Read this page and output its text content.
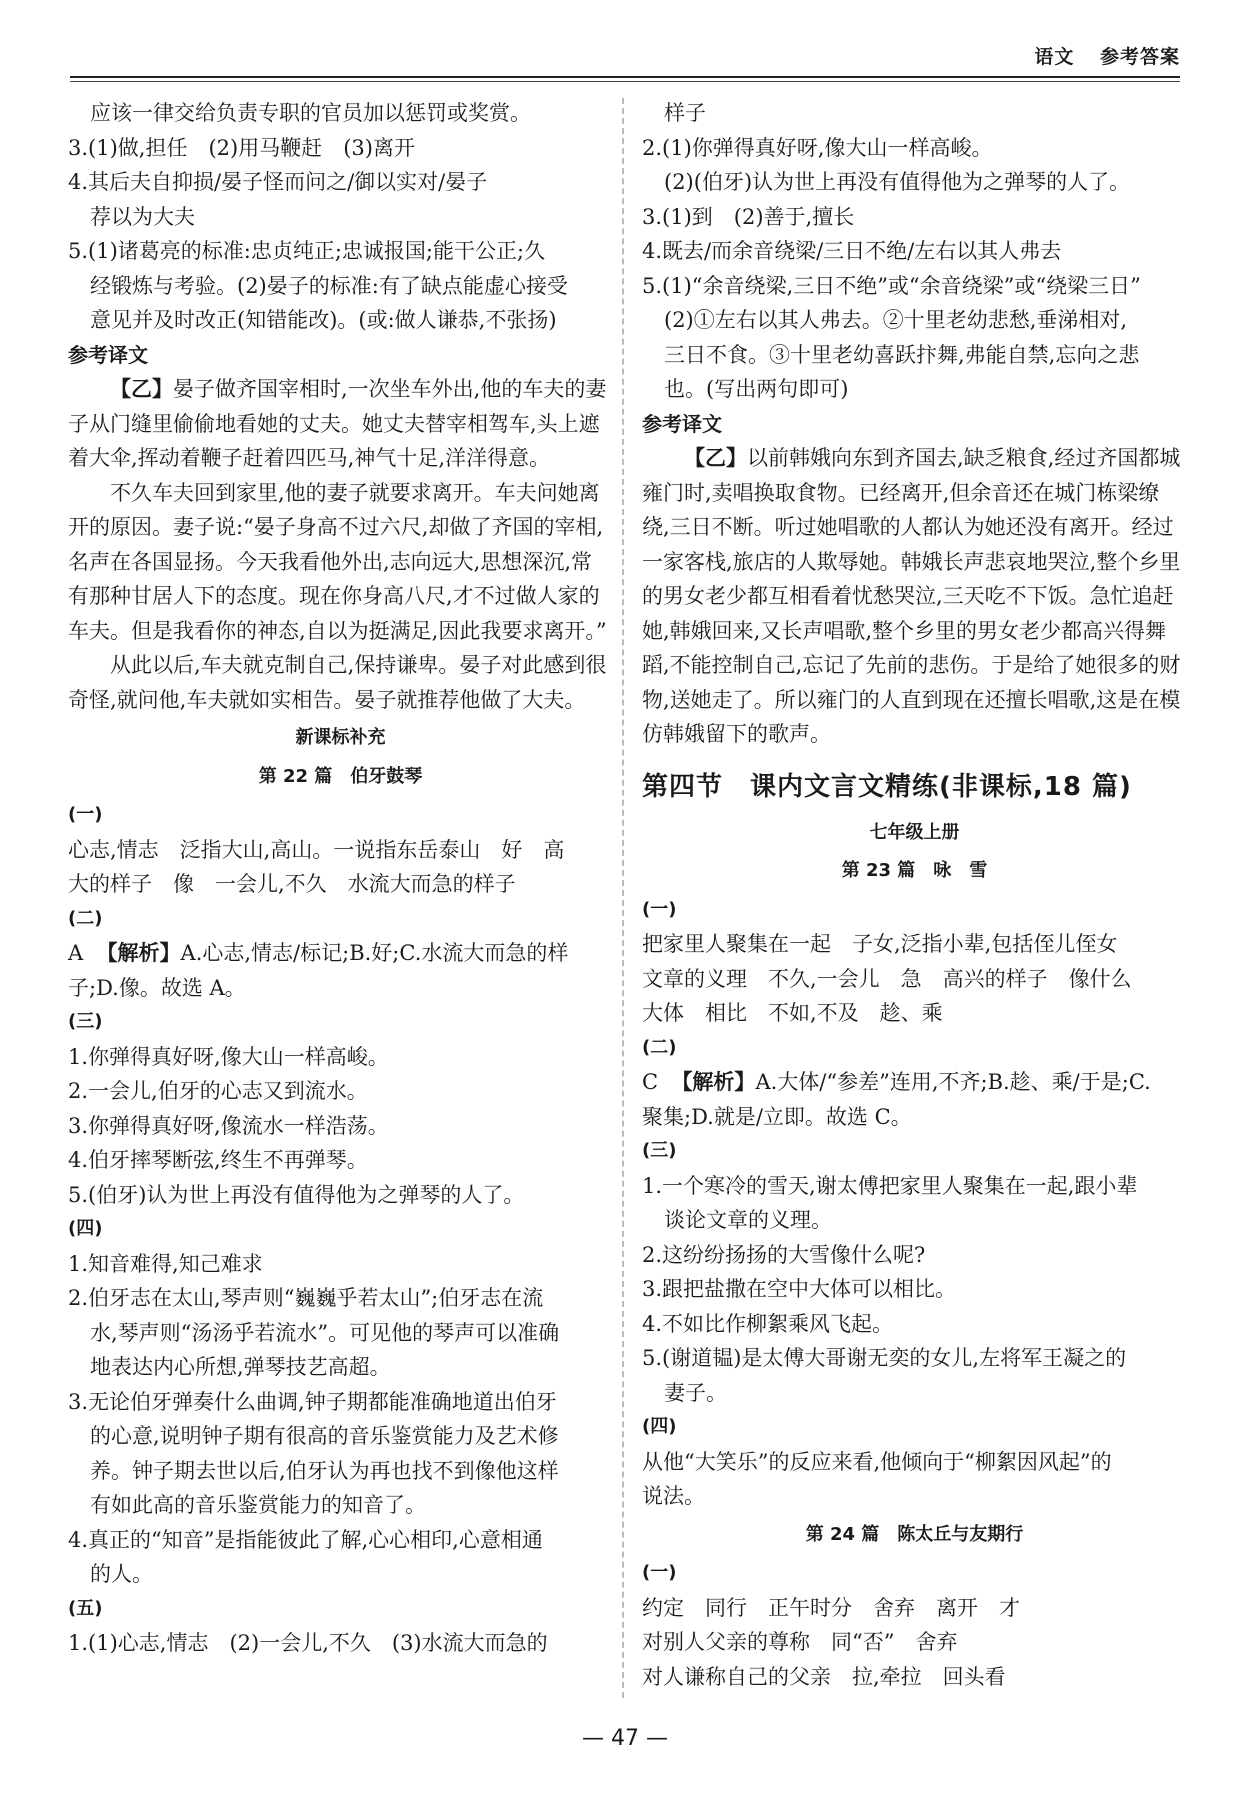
语文 参考答案

应该一律交给负责专职的官员加以惩罚或奖赏。

3.(1)做,担任　(2)用马鞭赶　(3)离开

4.其后夫自抑损/晏子怪而问之/御以实对/晏子

荐以为大夫

5.(1)诸葛亮的标准:忠贞纯正;忠诚报国;能干公正;久

经锻炼与考验。(2)晏子的标准:有了缺点能虚心接受

意见并及时改正(知错能改)。(或:做人谦恭,不张扬)

参考译文

【乙】晏子做齐国宰相时,一次坐车外出,他的车夫的妻子从门缝里偷偷地看她的丈夫。她丈夫替宰相驾车,头上遮着大伞,挥动着鞭子赶着四匹马,神气十足,洋洋得意。

不久车夫回到家里,他的妻子就要求离开。车夫问她离开的原因。妻子说:“晏子身高不过六尺,却做了齐国的宰相,名声在各国显扬。今天我看他外出,志向远大,思想深沉,常有那种甘居人下的态度。现在你身高八尺,才不过做人家的车夫。但是我看你的神态,自以为挺满足,因此我要求离开。”

从此以后,车夫就克制自己,保持谦卑。晏子对此感到很奇怪,就问他,车夫就如实相告。晏子就推荐他做了大夫。

新课标补充

第 22 篇　伯牙鼓琴

(一)

心志,情志　泛指大山,高山。一说指东岳泰山　好　高

大的样子　像　一会儿,不久　水流大而急的样子

(二)

A 【解析】A.心志,情志/标记;B.好;C.水流大而急的样

子;D.像。故选 A。

(三)

1.你弹得真好呀,像大山一样高峻。

2.一会儿,伯牙的心志又到流水。

3.你弹得真好呀,像流水一样浩荡。

4.伯牙摔琴断弦,终生不再弹琴。

5.(伯牙)认为世上再没有值得他为之弹琴的人了。

(四)

1.知音难得,知己难求

2.伯牙志在太山,琴声则“巍巍乎若太山”;伯牙志在流

水,琴声则“汤汤乎若流水”。可见他的琴声可以准确

地表达内心所想,弹琴技艺高超。

3.无论伯牙弹奏什么曲调,钟子期都能准确地道出伯牙

的心意,说明钟子期有很高的音乐鉴赏能力及艺术修

养。钟子期去世以后,伯牙认为再也找不到像他这样

有如此高的音乐鉴赏能力的知音了。

4.真正的“知音”是指能彼此了解,心心相印,心意相通

的人。

(五)

1.(1)心志,情志　(2)一会儿,不久　(3)水流大而急的

样子

2.(1)你弹得真好呀,像大山一样高峻。

(2)(伯牙)认为世上再没有值得他为之弹琴的人了。

3.(1)到　(2)善于,擅长

4.既去/而余音绕梁/三日不绝/左右以其人弗去

5.(1)“余音绕梁,三日不绝”或“余音绕梁”或“绕梁三日”

(2)①左右以其人弗去。②十里老幼悲愁,垂涕相对,

三日不食。③十里老幼喜跃抃舞,弗能自禁,忘向之悲

也。(写出两句即可)

参考译文

【乙】以前韩娥向东到齐国去,缺乏粮食,经过齐国都城雍门时,卖唱换取食物。已经离开,但余音还在城门栋梁缭绕,三日不断。听过她唱歌的人都认为她还没有离开。经过一家客栈,旅店的人欺辱她。韩娥长声悲哀地哭泣,整个乡里的男女老少都互相看着忧愁哭泣,三天吃不下饭。急忙追赶她,韩娥回来,又长声唱歌,整个乡里的男女老少都高兴得舞蹈,不能控制自己,忘记了先前的悲伤。于是给了她很多的财物,送她走了。所以雍门的人直到现在还擅长唱歌,这是在模仿韩娥留下的歌声。

第四节　课内文言文精练(非课标,18 篇)

七年级上册

第 23 篇　咏　雪

(一)

把家里人聚集在一起　子女,泛指小辈,包括侄儿侄女

文章的义理　不久,一会儿　急　高兴的样子　像什么

大体　相比　不如,不及　趁、乘

(二)

C 【解析】A.大体/“参差”连用,不齐;B.趁、乘/于是;C.

聚集;D.就是/立即。故选 C。

(三)

1.一个寒冷的雪天,谢太傅把家里人聚集在一起,跟小辈

谈论文章的义理。

2.这纷纷扬扬的大雪像什么呢?

3.跟把盐撒在空中大体可以相比。

4.不如比作柳絮乘风飞起。

5.(谢道韫)是太傅大哥谢无奕的女儿,左将军王凝之的

妻子。

(四)

从他“大笑乐”的反应来看,他倾向于“柳絮因风起”的

说法。

第 24 篇　陈太丘与友期行

(一)

约定　同行　正午时分　舍弃　离开　才

对别人父亲的尊称　同“否”　舍弃

对人谦称自己的父亲　拉,牵拉　回头看

— 47 —
